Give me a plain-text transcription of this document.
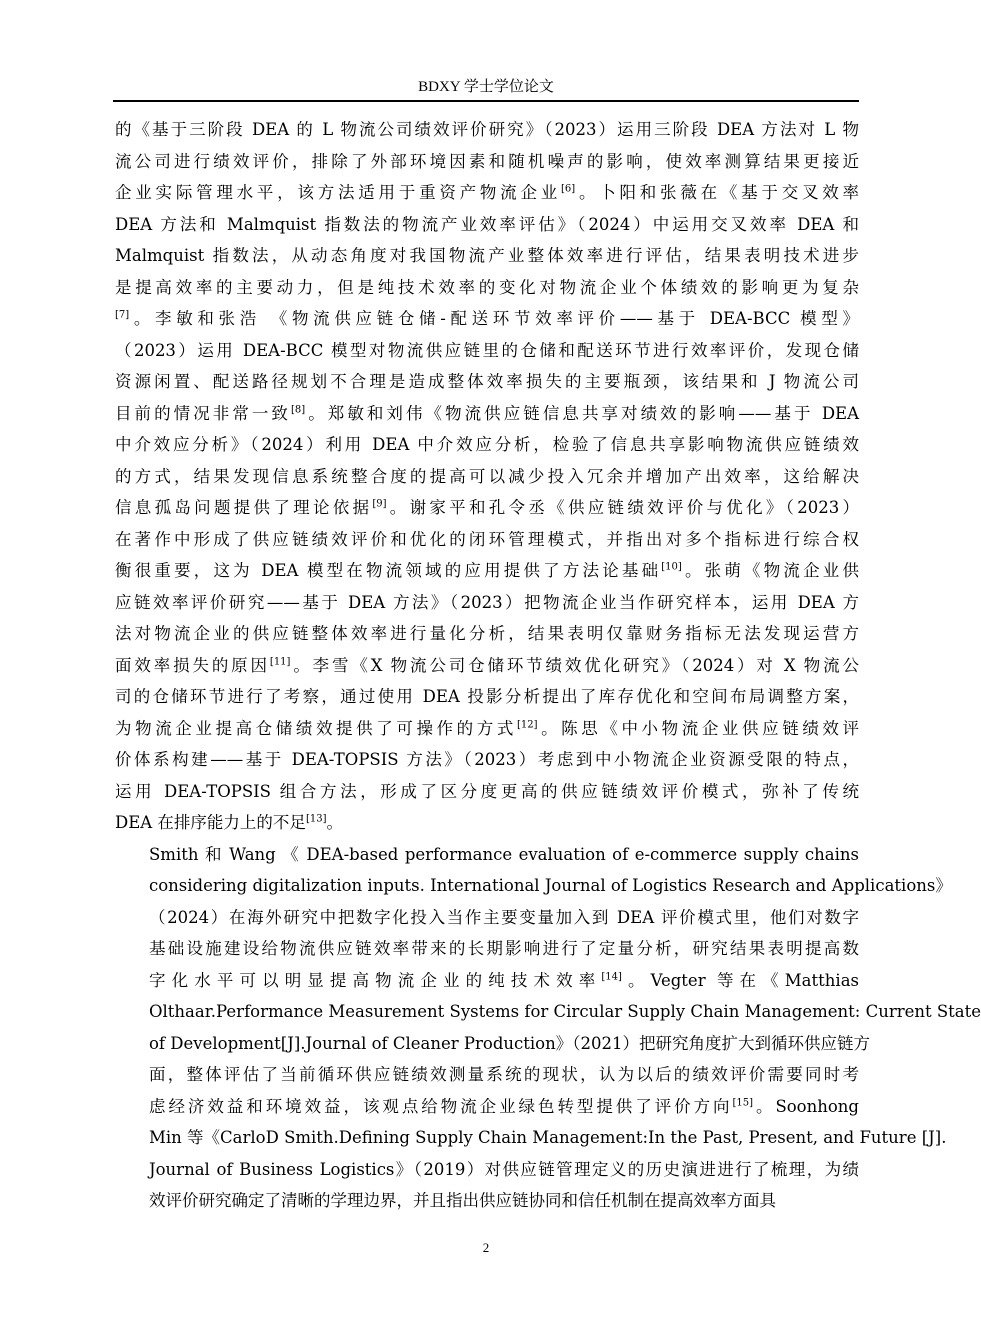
BDXY 学士学位论文
的《基于三阶段 DEA 的 L 物流公司绩效评价研究》（2023）运用三阶段 DEA 方法对 L 物
流公司进行绩效评价，排除了外部环境因素和随机噪声的影响，使效率测算结果更接近
企业实际管理水平，该方法适用于重资产物流企业[6]。卜阳和张薇在《基于交叉效率
DEA 方法和 Malmquist 指数法的物流产业效率评估》（2024）中运用交叉效率 DEA 和
Malmquist 指数法，从动态角度对我国物流产业整体效率进行评估，结果表明技术进步
是提高效率的主要动力，但是纯技术效率的变化对物流企业个体绩效的影响更为复杂
[7]。李敏和张浩 《物流供应链仓储-配送环节效率评价——基于 DEA-BCC 模型》
（2023）运用 DEA-BCC 模型对物流供应链里的仓储和配送环节进行效率评价，发现仓储
资源闲置、配送路径规划不合理是造成整体效率损失的主要瓶颈，该结果和 J 物流公司
目前的情况非常一致[8]。郑敏和刘伟《物流供应链信息共享对绩效的影响——基于 DEA
中介效应分析》（2024）利用 DEA 中介效应分析，检验了信息共享影响物流供应链绩效
的方式，结果发现信息系统整合度的提高可以减少投入冗余并增加产出效率，这给解决
信息孤岛问题提供了理论依据[9]。谢家平和孔令丞《供应链绩效评价与优化》（2023）
在著作中形成了供应链绩效评价和优化的闭环管理模式，并指出对多个指标进行综合权
衡很重要，这为 DEA 模型在物流领域的应用提供了方法论基础[10]。张萌《物流企业供
应链效率评价研究——基于 DEA 方法》（2023）把物流企业当作研究样本，运用 DEA 方
法对物流企业的供应链整体效率进行量化分析，结果表明仅靠财务指标无法发现运营方
面效率损失的原因[11]。李雪《X 物流公司仓储环节绩效优化研究》（2024）对 X 物流公
司的仓储环节进行了考察，通过使用 DEA 投影分析提出了库存优化和空间布局调整方案，
为物流企业提高仓储绩效提供了可操作的方式[12]。陈思《中小物流企业供应链绩效评
价体系构建——基于 DEA-TOPSIS 方法》（2023）考虑到中小物流企业资源受限的特点，
运用 DEA-TOPSIS 组合方法，形成了区分度更高的供应链绩效评价模式，弥补了传统
DEA 在排序能力上的不足[13]。
Smith 和 Wang 《 DEA-based performance evaluation of e-commerce supply chains
considering digitalization inputs. International Journal of Logistics Research and Applications》
（2024）在海外研究中把数字化投入当作主要变量加入到 DEA 评价模式里，他们对数字
基础设施建设给物流供应链效率带来的长期影响进行了定量分析，研究结果表明提高数
字化水平可以明显提高物流企业的纯技术效率[14]。Vegter 等在《Matthias
Olthaar.Performance Measurement Systems for Circular Supply Chain Management: Current State
of Development[J].Journal of Cleaner Production》（2021）把研究角度扩大到循环供应链方
面，整体评估了当前循环供应链绩效测量系统的现状，认为以后的绩效评价需要同时考
虑经济效益和环境效益，该观点给物流企业绿色转型提供了评价方向[15]。Soonhong
Min 等《CarloD Smith.Defining Supply Chain Management:In the Past, Present, and Future [J].
Journal of Business Logistics》（2019）对供应链管理定义的历史演进进行了梳理，为绩
效评价研究确定了清晰的学理边界，并且指出供应链协同和信任机制在提高效率方面具
2
